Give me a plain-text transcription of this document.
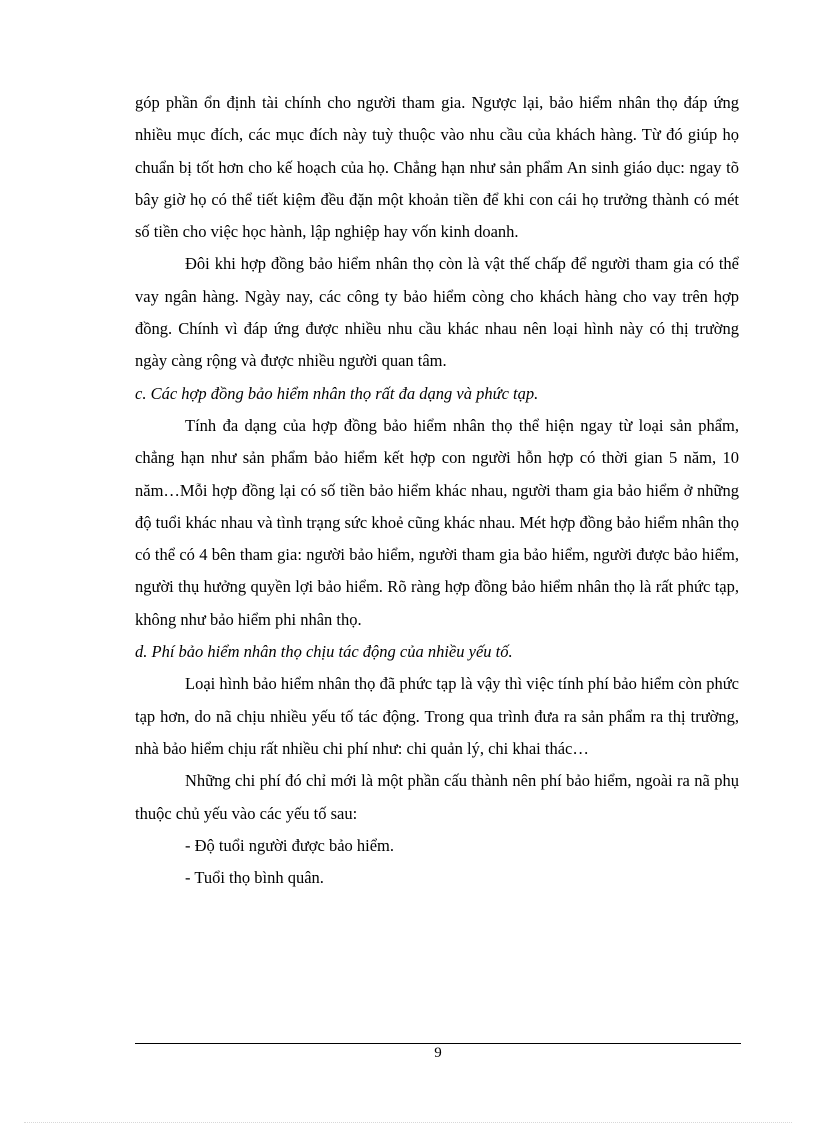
góp phần ổn định tài chính cho người tham gia. Ngược lại, bảo hiểm nhân thọ đáp ứng nhiều mục đích, các mục đích này tuỳ thuộc vào nhu cầu của khách hàng. Từ đó giúp họ chuẩn bị tốt hơn cho kế hoạch của họ. Chẳng hạn như sản phẩm An sinh giáo dục: ngay tõ bây giờ họ có thể tiết kiệm đều đặn một khoản tiền để khi con cái họ trưởng thành có mét số tiền cho việc học hành, lập nghiệp hay vốn kinh doanh.

Đôi khi hợp đồng bảo hiểm nhân thọ còn là vật thế chấp để người tham gia có thể vay ngân hàng. Ngày nay, các công ty bảo hiểm còng cho khách hàng cho vay trên hợp đồng. Chính vì đáp ứng được nhiều nhu cầu khác nhau nên loại hình này có thị trường ngày càng rộng và được nhiều người quan tâm.

c. Các hợp đồng bảo hiểm nhân thọ rất đa dạng và phức tạp.

Tính đa dạng của hợp đồng bảo hiểm nhân thọ thể hiện ngay từ loại sản phẩm, chẳng hạn như sản phẩm bảo hiểm kết hợp con người hỗn hợp có thời gian 5 năm, 10 năm…Mỗi hợp đồng lại có số tiền bảo hiểm khác nhau, người tham gia bảo hiểm ở những độ tuổi khác nhau và tình trạng sức khoẻ cũng khác nhau. Mét hợp đồng bảo hiểm nhân thọ có thể có 4 bên tham gia: người bảo hiểm, người tham gia bảo hiểm, người được bảo hiểm, người thụ hưởng quyền lợi bảo hiểm. Rõ ràng hợp đồng bảo hiểm nhân thọ là rất phức tạp, không như bảo hiểm phi nhân thọ.

d. Phí bảo hiểm nhân thọ chịu tác động của nhiều yếu tố.

Loại hình bảo hiểm nhân thọ đã phức tạp là vậy thì việc tính phí bảo hiểm còn phức tạp hơn, do nã chịu nhiều yếu tố tác động. Trong qua trình đưa ra sản phẩm ra thị trường, nhà bảo hiểm chịu rất nhiều chi phí như: chi quản lý, chi khai thác…

Những chi phí đó chỉ mới là một phần cấu thành nên phí bảo hiểm, ngoài ra nã phụ thuộc chủ yếu vào các yếu tố sau:

- Độ tuổi người được bảo hiểm.

- Tuổi thọ bình quân.

9
